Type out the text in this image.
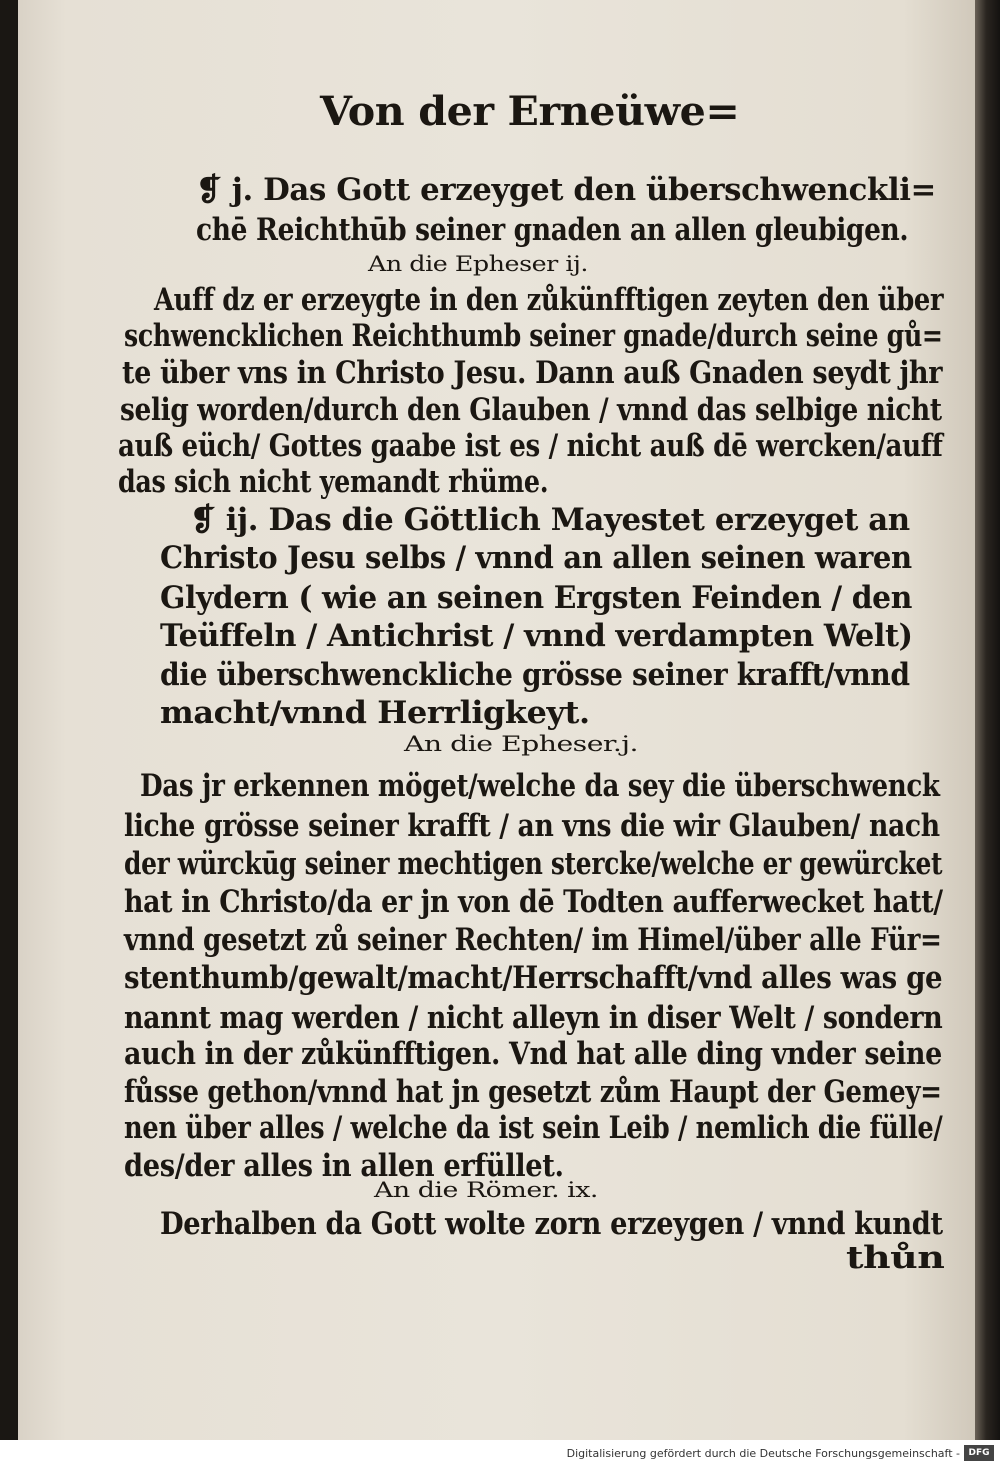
Von der Erneüwe=
❡ j. Das Gott erzeyget den überschwenckli=
chē Reichthūb seiner gnaden an allen gleubigen.
An die Epheser ij.
Auff dz er erzeygte in den zůkünfftigen zeyten den über
schwencklichen Reichthumb seiner gnade/durch seine gů=
te über vns in Christo Jesu. Dann auß Gnaden seydt jhr
selig worden/durch den Glauben / vnnd das selbige nicht
auß eüch/ Gottes gaabe ist es / nicht auß dē wercken/auff
das sich nicht yemandt rhüme.
❡ ij. Das die Göttlich Mayestet erzeyget an
Christo Jesu selbs / vnnd an allen seinen waren
Glydern ( wie an seinen Ergsten Feinden / den
Teüffeln / Antichrist / vnnd verdampten Welt)
die überschwenckliche grösse seiner krafft/vnnd
macht/vnnd Herrligkeyt.
An die Epheser.j.
Das jr erkennen möget/welche da sey die überschwenck
liche grösse seiner krafft / an vns die wir Glauben/ nach
der würckūg seiner mechtigen stercke/welche er gewürcket
hat in Christo/da er jn von dē Todten aufferwecket hatt/
vnnd gesetzt zů seiner Rechten/ im Himel/über alle Für=
stenthumb/gewalt/macht/Herrschafft/vnd alles was ge
nannt mag werden / nicht alleyn in diser Welt / sondern
auch in der zůkünfftigen. Vnd hat alle ding vnder seine
fůsse gethon/vnnd hat jn gesetzt zům Haupt der Gemey=
nen über alles / welche da ist sein Leib / nemlich die fülle/
des/der alles in allen erfüllet.
An die Römer. ix.
Derhalben da Gott wolte zorn erzeygen / vnnd kundt
thůn
Digitalisierung gefördert durch die Deutsche Forschungsgemeinschaft - DFG
